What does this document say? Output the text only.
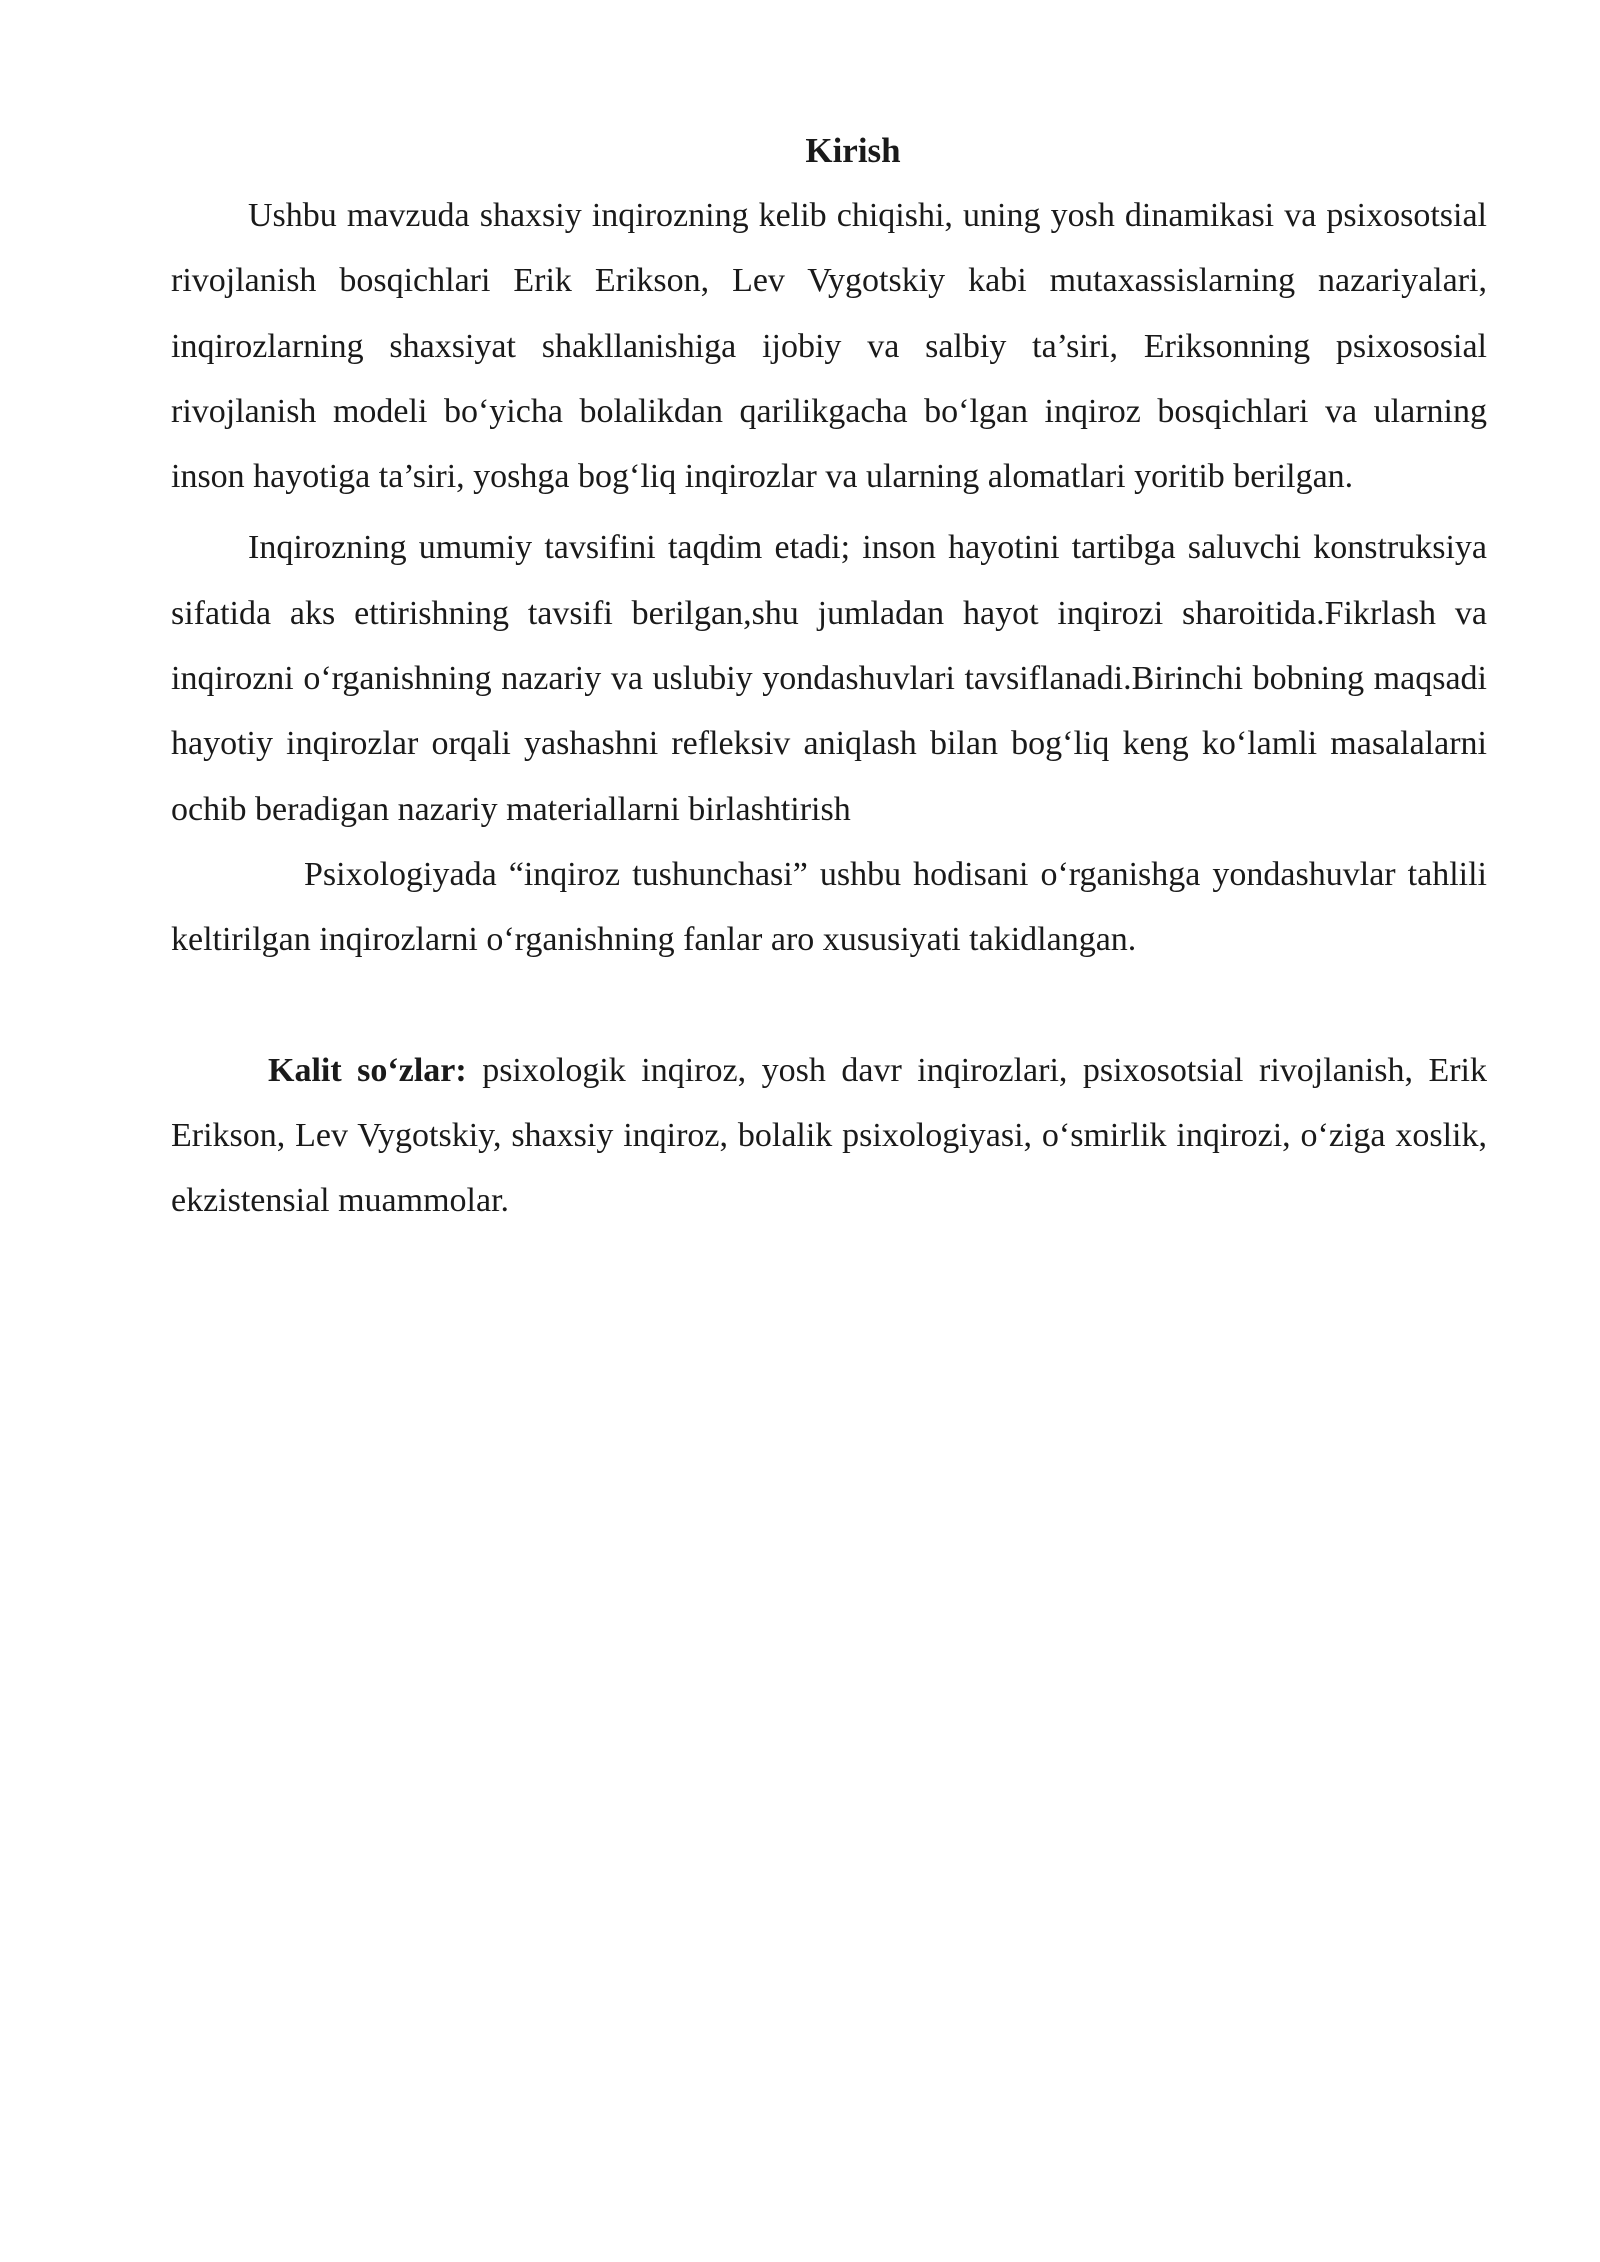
Kirish

Ushbu mavzuda shaxsiy inqirozning kelib chiqishi, uning yosh dinamikasi va psixosotsial rivojlanish bosqichlari Erik Erikson, Lev Vygotskiy kabi mutaxassislarning nazariyalari, inqirozlarning shaxsiyat shakllanishiga ijobiy va salbiy ta’siri, Eriksonning psixososial rivojlanish modeli bo‘yicha bolalikdan qarilikgacha bo‘lgan inqiroz bosqichlari va ularning inson hayotiga ta’siri, yoshga bog‘liq inqirozlar va ularning alomatlari yoritib berilgan.

Inqirozning umumiy tavsifini taqdim etadi; inson hayotini tartibga saluvchi konstruksiya sifatida aks ettirishning tavsifi berilgan,shu jumladan hayot inqirozi sharoitida.Fikrlash va inqirozni o‘rganishning nazariy va uslubiy yondashuvlari tavsiflanadi.Birinchi bobning maqsadi hayotiy inqirozlar orqali yashashni refleksiv aniqlash bilan bog‘liq keng ko‘lamli masalalarni ochib beradigan nazariy materiallarni birlashtirish

Psixologiyada “inqiroz tushunchasi” ushbu hodisani o‘rganishga yondashuvlar tahlili keltirilgan inqirozlarni o‘rganishning fanlar aro xususiyati takidlangan.

Kalit so‘zlar: psixologik inqiroz, yosh davr inqirozlari, psixosotsial rivojlanish, Erik Erikson, Lev Vygotskiy, shaxsiy inqiroz, bolalik psixologiyasi, o‘smirlik inqirozi, o‘ziga xoslik, ekzistensial muammolar.
